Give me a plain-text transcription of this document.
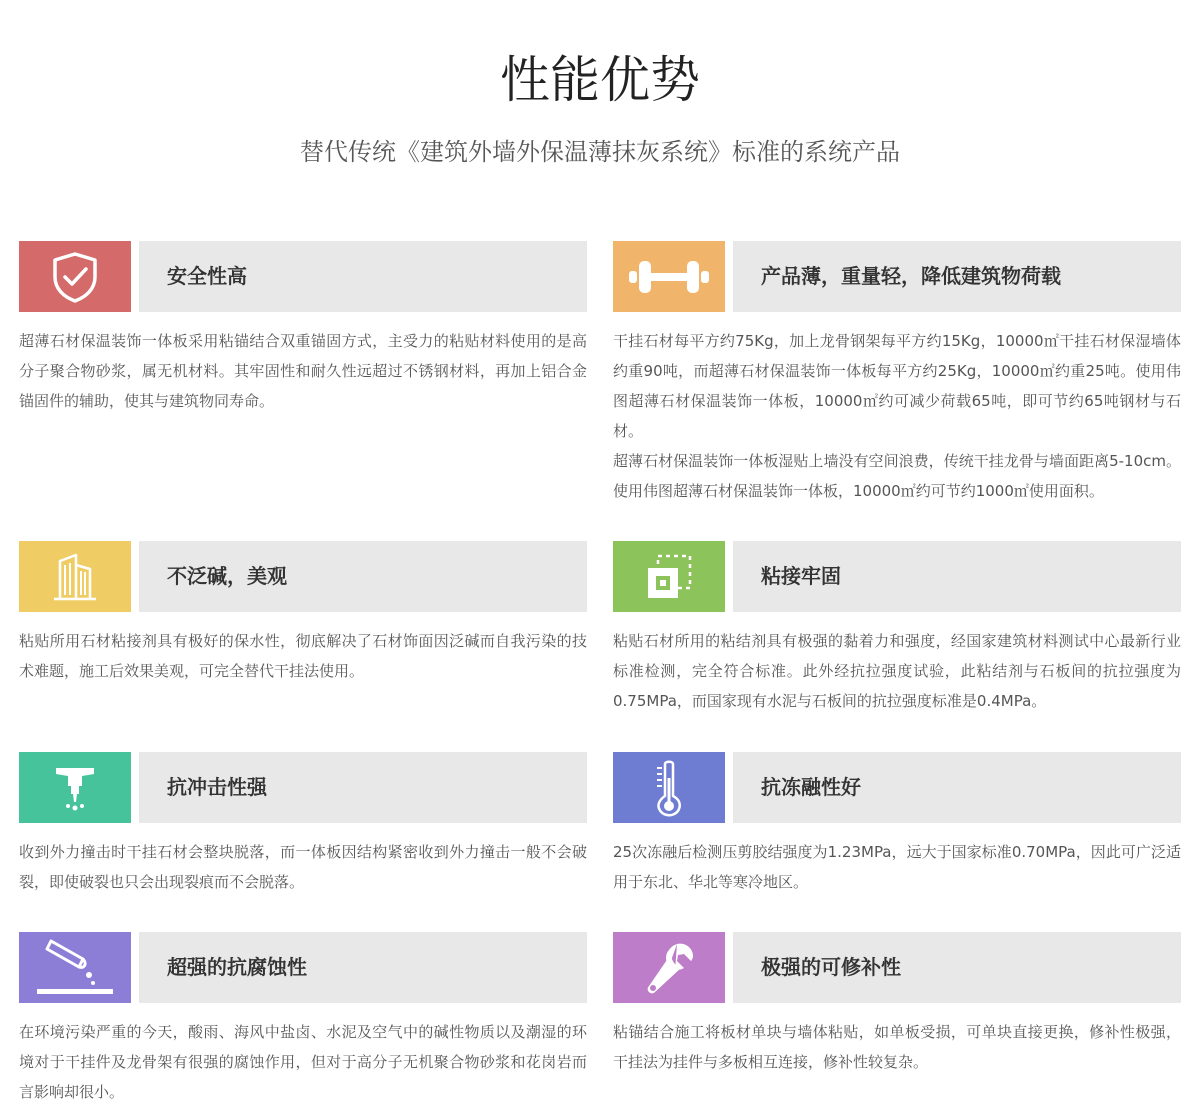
性能优势
替代传统《建筑外墙外保温薄抹灰系统》标准的系统产品
安全性高

超薄石材保温装饰一体板采用粘锚结合双重锚固方式，主受力的粘贴材料使用的是高分子聚合物砂浆，属无机材料。其牢固性和耐久性远超过不锈钢材料，再加上铝合金锚固件的辅助，使其与建筑物同寿命。

产品薄，重量轻，降低建筑物荷载

干挂石材每平方约75Kg，加上龙骨钢架每平方约15Kg，10000㎡干挂石材保湿墙体约重90吨，而超薄石材保温装饰一体板每平方约25Kg，10000㎡约重25吨。使用伟图超薄石材保温装饰一体板，10000㎡约可减少荷载65吨，即可节约65吨钢材与石材。

超薄石材保温装饰一体板湿贴上墙没有空间浪费，传统干挂龙骨与墙面距离5-10cm。使用伟图超薄石材保温装饰一体板，10000㎡约可节约1000㎡使用面积。

不泛碱，美观

粘贴所用石材粘接剂具有极好的保水性，彻底解决了石材饰面因泛碱而自我污染的技术难题，施工后效果美观，可完全替代干挂法使用。

粘接牢固

粘贴石材所用的粘结剂具有极强的黏着力和强度，经国家建筑材料测试中心最新行业标准检测，完全符合标准。此外经抗拉强度试验，此粘结剂与石板间的抗拉强度为0.75MPa，而国家现有水泥与石板间的抗拉强度标准是0.4MPa。

抗冲击性强

收到外力撞击时干挂石材会整块脱落，而一体板因结构紧密收到外力撞击一般不会破裂，即使破裂也只会出现裂痕而不会脱落。

抗冻融性好

25次冻融后检测压剪胶结强度为1.23MPa，远大于国家标准0.70MPa，因此可广泛适用于东北、华北等寒冷地区。

超强的抗腐蚀性

在环境污染严重的今天，酸雨、海风中盐卤、水泥及空气中的碱性物质以及潮湿的环境对于干挂件及龙骨架有很强的腐蚀作用，但对于高分子无机聚合物砂浆和花岗岩而言影响却很小。

极强的可修补性

粘锚结合施工将板材单块与墙体粘贴，如单板受损，可单块直接更换，修补性极强，干挂法为挂件与多板相互连接，修补性较复杂。
